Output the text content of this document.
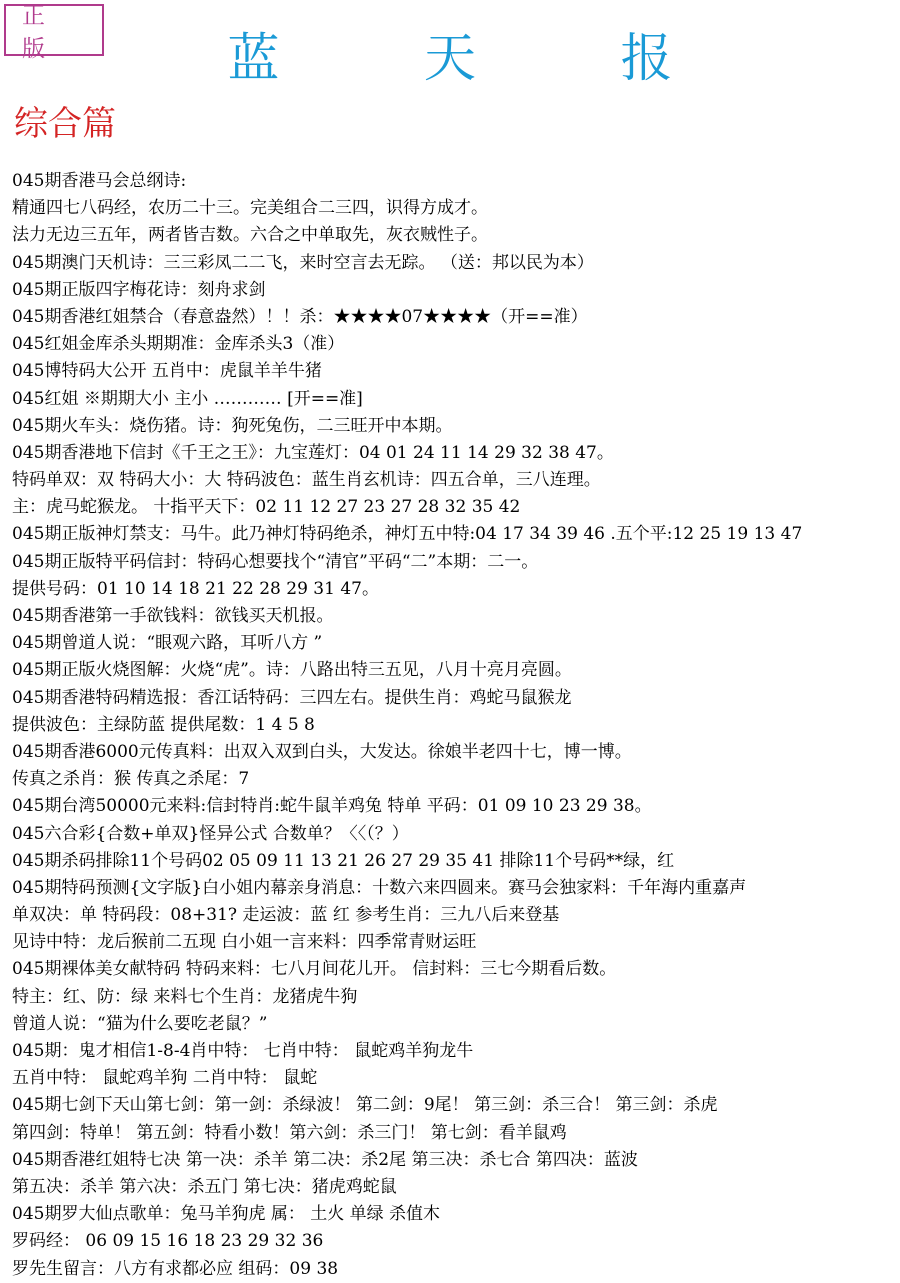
正 版	蓝 天 报
综合篇
045期香港马会总纲诗:
精通四七八码经，农历二十三。完美组合二三四，识得方成才。
法力无边三五年，两者皆吉数。六合之中单取先，灰衣贼性子。
045期澳门天机诗：三三彩凤二二飞，来时空言去无踪。 （送：邦以民为本）
045期正版四字梅花诗：刻舟求剑
045期香港红姐禁合（春意盎然）！！杀：★★★★07★★★★（开==准）
045红姐金库杀头期期准：金库杀头3（准）
045博特码大公开 五肖中：虎鼠羊羊牛猪
045红姐 ※期期大小 主小 ………… [开==准]
045期火车头：烧伤猪。诗：狗死兔伤，二三旺开中本期。
045期香港地下信封《千王之王》：九宝莲灯：04 01 24 11 14 29 32 38 47。
特码单双：双 特码大小：大 特码波色：蓝生肖玄机诗：四五合单，三八连理。
主：虎马蛇猴龙。 十指平天下：02 11 12 27 23 27 28 32 35 42
045期正版神灯禁支：马牛。此乃神灯特码绝杀，神灯五中特:04 17 34 39 46 .五个平:12 25 19 13 47
045期正版特平码信封：特码心想要找个“清官”平码“二”本期：二一。
提供号码：01 10 14 18 21 22 28 29 31 47。
045期香港第一手欲钱料：欲钱买天机报。
045期曾道人说：“眼观六路，耳听八方 ”
045期正版火烧图解：火烧“虎”。诗：八路出特三五见，八月十亮月亮圆。
045期香港特码精选报：香江话特码：三四左右。提供生肖：鸡蛇马鼠猴龙
提供波色：主绿防蓝 提供尾数：1 4 5 8
045期香港6000元传真料：出双入双到白头，大发达。徐娘半老四十七，博一博。
传真之杀肖：猴 传真之杀尾：7
045期台湾50000元来料:信封特肖:蛇牛鼠羊鸡兔 特单 平码：01 09 10 23 29 38。
045六合彩{合数+单双}怪异公式 合数单？〈〈（？）
045期杀码排除11个号码02 05 09 11 13 21 26 27 29 35 41 排除11个号码**绿，红
045期特码预测{文字版}白小姐内幕亲身消息：十数六来四圆来。赛马会独家料：千年海内重嘉声
单双决：单 特码段：08+31? 走运波：蓝 红 参考生肖：三九八后来登基
见诗中特：龙后猴前二五现 白小姐一言来料：四季常青财运旺
045期裸体美女献特码 特码来料：七八月间花儿开。 信封料：三七今期看后数。
特主：红、防：绿 来料七个生肖：龙猪虎牛狗
曾道人说：“猫为什么要吃老鼠？”
045期：鬼才相信1-8-4肖中特： 七肖中特： 鼠蛇鸡羊狗龙牛
五肖中特： 鼠蛇鸡羊狗 二肖中特： 鼠蛇
045期七剑下天山第七剑：第一剑：杀绿波！ 第二剑：9尾！ 第三剑：杀三合！ 第三剑：杀虎
第四剑：特单！ 第五剑：特看小数！第六剑：杀三门！ 第七剑：看羊鼠鸡
045期香港红姐特七决 第一决：杀羊 第二决：杀2尾 第三决：杀七合 第四决：蓝波
第五决：杀羊 第六决：杀五门 第七决：猪虎鸡蛇鼠
045期罗大仙点歌单：兔马羊狗虎 属： 土火 单绿 杀值木
罗码经： 06 09 15 16 18 23 29 32 36
罗先生留言：八方有求都必应 组码：09 38
